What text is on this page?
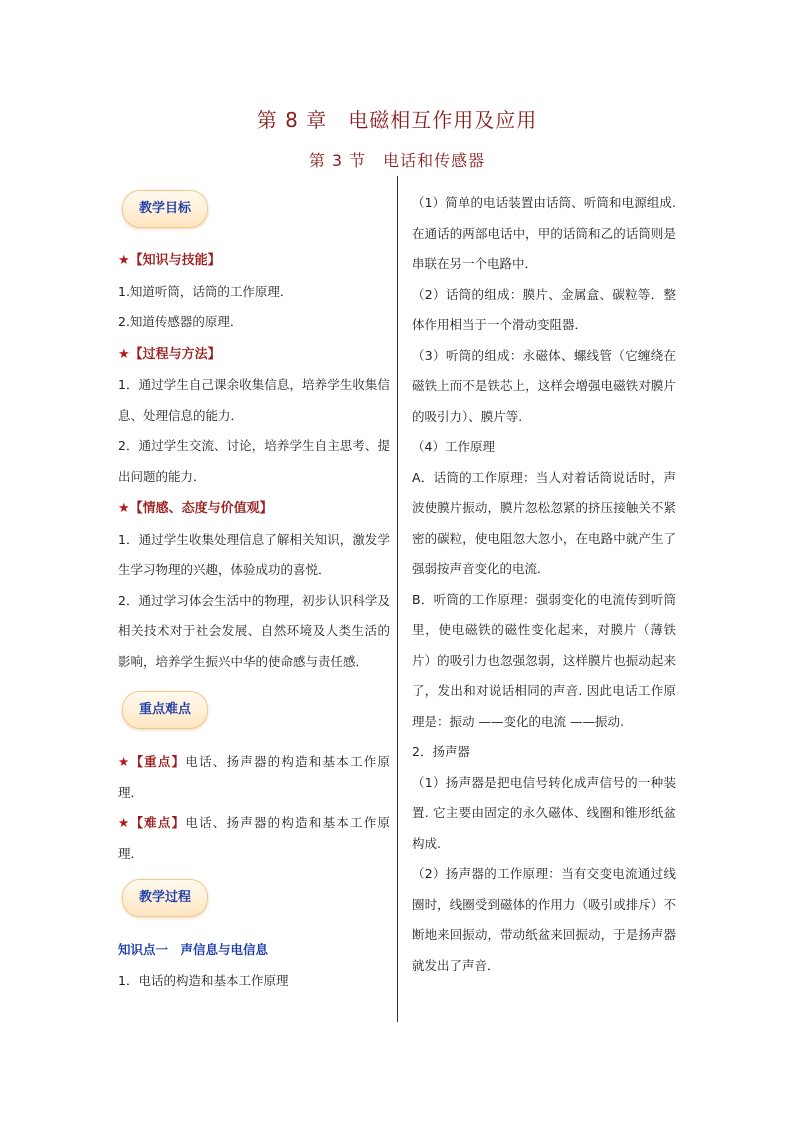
第 8 章　电磁相互作用及应用
第 3 节　电话和传感器
教学目标

★【知识与技能】

1.知道听筒，话筒的工作原理．

2.知道传感器的原理．

★【过程与方法】

1．通过学生自己课余收集信息，培养学生收集信息、处理信息的能力．

2．通过学生交流、讨论，培养学生自主思考、提出问题的能力．

★【情感、态度与价值观】

1．通过学生收集处理信息了解相关知识，激发学生学习物理的兴趣，体验成功的喜悦．

2．通过学习体会生活中的物理，初步认识科学及相关技术对于社会发展、自然环境及人类生活的影响，培养学生振兴中华的使命感与责任感．

重点难点

★【重点】电话、扬声器的构造和基本工作原理．

★【难点】电话、扬声器的构造和基本工作原理．

教学过程

知识点一　声信息与电信息

1．电话的构造和基本工作原理

（1）简单的电话装置由话筒、听筒和电源组成.在通话的两部电话中，甲的话筒和乙的话筒则是串联在另一个电路中．

（2）话筒的组成：膜片、金属盒、碳粒等．整体作用相当于一个滑动变阻器．

（3）听筒的组成：永磁体、螺线管（它缠绕在磁铁上而不是铁芯上，这样会增强电磁铁对膜片的吸引力）、膜片等.

（4）工作原理

A．话筒的工作原理：当人对着话筒说话时，声波使膜片振动，膜片忽松忽紧的挤压接触关不紧密的碳粒，使电阻忽大忽小，在电路中就产生了强弱按声音变化的电流．

B．听筒的工作原理：强弱变化的电流传到听筒里，使电磁铁的磁性变化起来，对膜片（薄铁片）的吸引力也忽强忽弱，这样膜片也振动起来了，发出和对说话相同的声音. 因此电话工作原理是：振动 ——变化的电流 ——振动.

2．扬声器

（1）扬声器是把电信号转化成声信号的一种装置. 它主要由固定的永久磁体、线圈和锥形纸盆构成.

（2）扬声器的工作原理：当有交变电流通过线圈时，线圈受到磁体的作用力（吸引或排斥）不断地来回振动，带动纸盆来回振动，于是扬声器就发出了声音．
